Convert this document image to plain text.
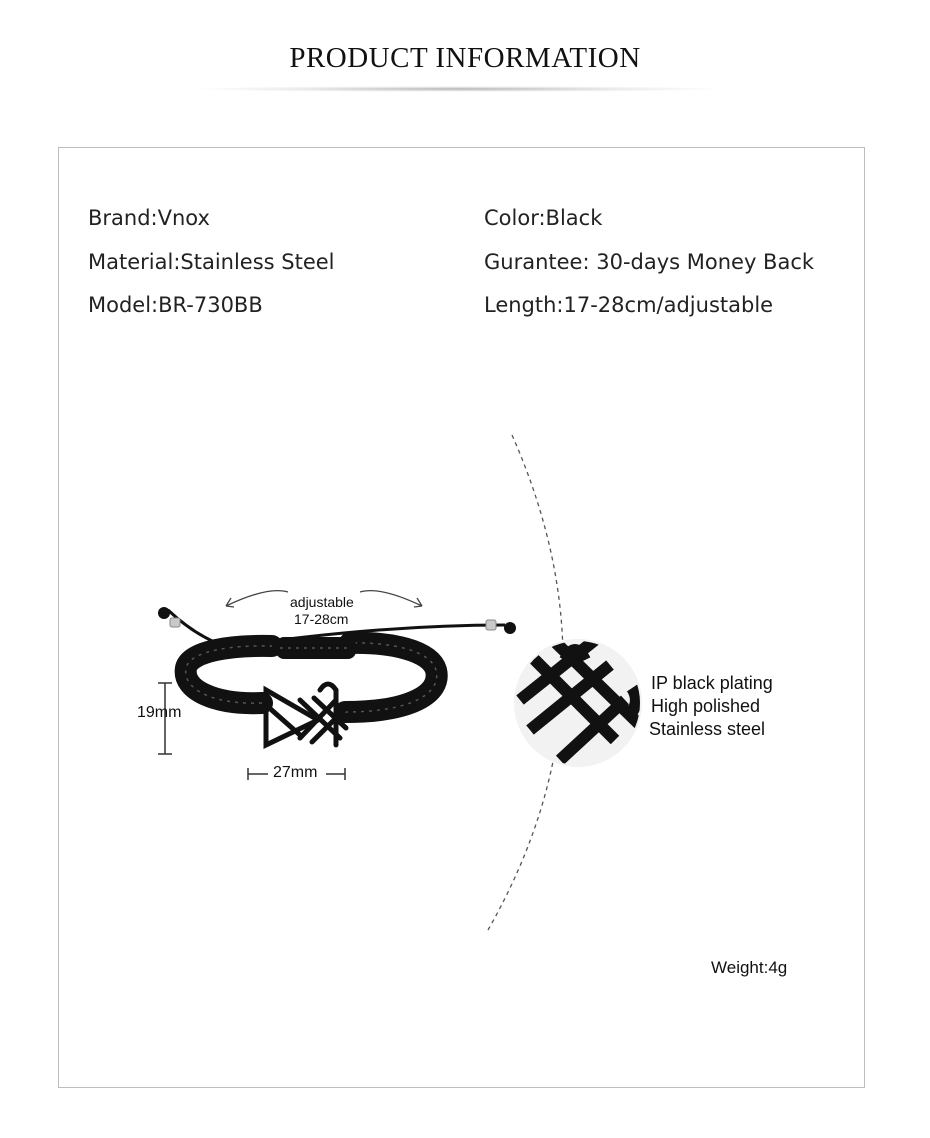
PRODUCT INFORMATION
Brand:Vnox
Material:Stainless Steel
Model:BR-730BB
Color:Black
Gurantee: 30-days Money Back
Length:17-28cm/adjustable
adjustable
17-28cm
19mm
27mm
IP black plating
High polished
Stainless steel
Weight:4g
